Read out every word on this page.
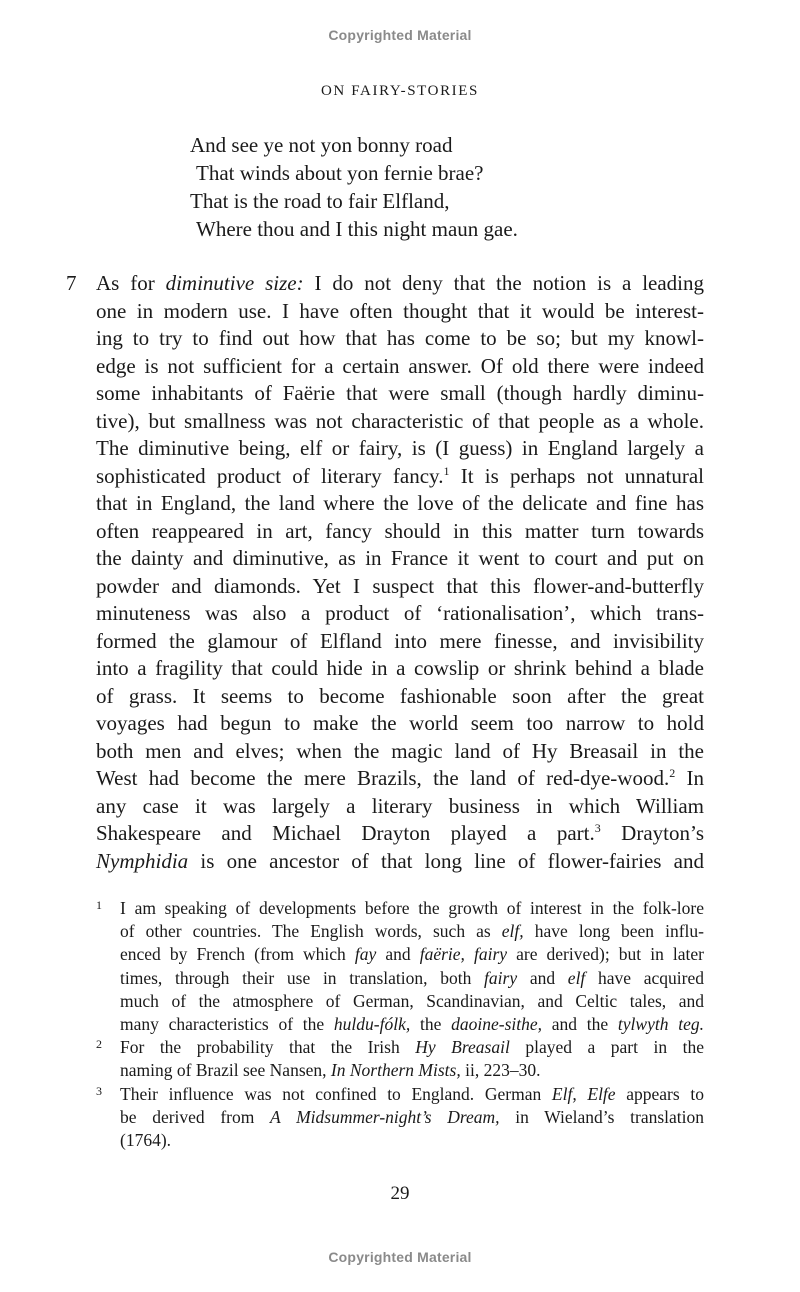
Copyrighted Material
ON FAIRY-STORIES
And see ye not yon bonny road
That winds about yon fernie brae?
That is the road to fair Elfland,
Where thou and I this night maun gae.
7 As for diminutive size: I do not deny that the notion is a leading
one in modern use. I have often thought that it would be interest-
ing to try to find out how that has come to be so; but my knowl-
edge is not sufficient for a certain answer. Of old there were indeed
some inhabitants of Faërie that were small (though hardly diminu-
tive), but smallness was not characteristic of that people as a whole.
The diminutive being, elf or fairy, is (I guess) in England largely a
sophisticated product of literary fancy.$^1$ It is perhaps not unnatural
that in England, the land where the love of the delicate and fine has
often reappeared in art, fancy should in this matter turn towards
the dainty and diminutive, as in France it went to court and put on
powder and diamonds. Yet I suspect that this flower-and-butterfly
minuteness was also a product of ‘rationalisation’, which trans-
formed the glamour of Elfland into mere finesse, and invisibility
into a fragility that could hide in a cowslip or shrink behind a blade
of grass. It seems to become fashionable soon after the great
voyages had begun to make the world seem too narrow to hold
both men and elves; when the magic land of Hy Breasail in the
West had become the mere Brazils, the land of red-dye-wood.$^2$ In
any case it was largely a literary business in which William
Shakespeare and Michael Drayton played a part.$^3$ Drayton’s
Nymphidia is one ancestor of that long line of flower-fairies and
1 I am speaking of developments before the growth of interest in the folk-lore
of other countries. The English words, such as elf, have long been influ-
enced by French (from which fay and faërie, fairy are derived); but in later
times, through their use in translation, both fairy and elf have acquired
much of the atmosphere of German, Scandinavian, and Celtic tales, and
many characteristics of the huldu-fólk, the daoine-sithe, and the tylwyth teg.
2 For the probability that the Irish Hy Breasail played a part in the
naming of Brazil see Nansen, In Northern Mists, ii, 223–30.
3 Their influence was not confined to England. German Elf, Elfe appears to
be derived from A Midsummer-night’s Dream, in Wieland’s translation
(1764).
29
Copyrighted Material
